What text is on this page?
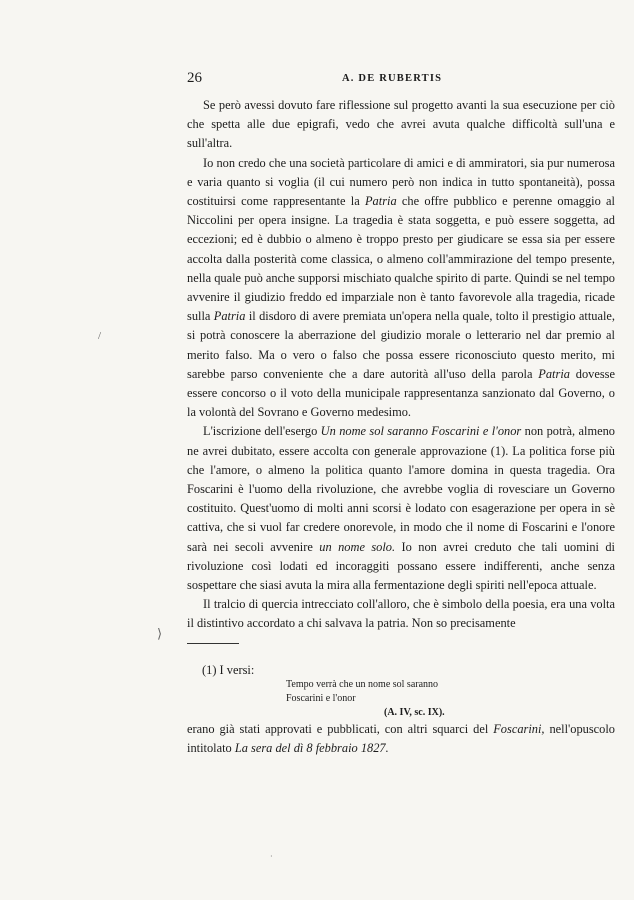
26	A. DE RUBERTIS

Se però avessi dovuto fare riflessione sul progetto avanti la sua esecuzione per ciò che spetta alle due epigrafi, vedo che avrei avuta qualche difficoltà sull'una e sull'altra.

Io non credo che una società particolare di amici e di ammiratori, sia pur numerosa e varia quanto si voglia (il cui numero però non indica in tutto spontaneità), possa costituirsi come rappresentante la Patria che offre pubblico e perenne omaggio al Niccolini per opera insigne. La tragedia è stata soggetta, e può essere soggetta, ad eccezioni; ed è dubbio o almeno è troppo presto per giudicare se essa sia per essere accolta dalla posterità come classica, o almeno coll'ammirazione del tempo presente, nella quale può anche supporsi mischiato qualche spirito di parte. Quindi se nel tempo avvenire il giudizio freddo ed imparziale non è tanto favorevole alla tragedia, ricade sulla Patria il disdoro di avere premiata un'opera nella quale, tolto il prestigio attuale, si potrà conoscere la aberrazione del giudizio morale o letterario nel dar premio al merito falso. Ma o vero o falso che possa essere riconosciuto questo merito, mi sarebbe parso conveniente che a dare autorità all'uso della parola Patria dovesse essere concorso o il voto della municipale rappresentanza sanzionato dal Governo, o la volontà del Sovrano e Governo medesimo.

L'iscrizione dell'esergo Un nome sol saranno Foscarini e l'onor non potrà, almeno ne avrei dubitato, essere accolta con generale approvazione (1). La politica forse più che l'amore, o almeno la politica quanto l'amore domina in questa tragedia. Ora Foscarini è l'uomo della rivoluzione, che avrebbe voglia di rovesciare un Governo costituito. Quest'uomo di molti anni scorsi è lodato con esagerazione per opera in sè cattiva, che si vuol far credere onorevole, in modo che il nome di Foscarini e l'onore sarà nei secoli avvenire un nome solo. Io non avrei creduto che tali uomini di rivoluzione così lodati ed incoraggiti possano essere indifferenti, anche senza sospettare che siasi avuta la mira alla fermentazione degli spiriti nell'epoca attuale.

Il tralcio di quercia intrecciato coll'alloro, che è simbolo della poesia, era una volta il distintivo accordato a chi salvava la patria. Non so precisamente

(1) I versi:
Tempo verrà che un nome sol saranno
Foscarini e l'onor
(A. IV, sc. IX).
erano già stati approvati e pubblicati, con altri squarci del Foscarini, nell'opuscolo intitolato La sera del dì 8 febbraio 1827.
⟩
/
·
